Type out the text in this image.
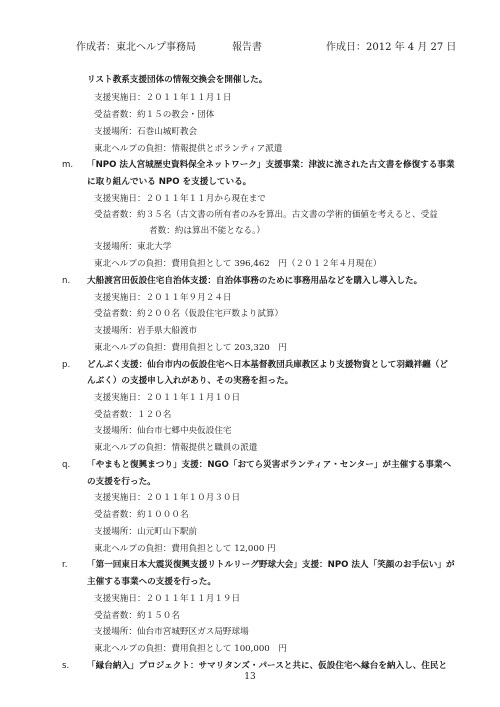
作成者：東北ヘルプ事務局	報告書	作成日：2012 年 4 月 27 日
リスト教系支援団体の情報交換会を開催した。
支援実施日：２０１１年１１月１日
受益者数：約１５の教会・団体
支援場所：石巻山城町教会
東北ヘルプの負担：情報提供とボランティア派遣
m. 「NPO 法人宮城歴史資料保全ネットワーク」支援事業：津波に流された古文書を修復する事業
に取り組んでいる NPO を支援している。
支援実施日：２０１１年１１月から現在まで
受益者数：約３５名（古文書の所有者のみを算出。古文書の学術的価値を考えると、受益
者数：約は算出不能となる。）
支援場所：東北大学
東北ヘルプの負担：費用負担として 396,462　円（２０１２年４月現在）
n. 大船渡宮田仮設住宅自治体支援：自治体事務のために事務用品などを購入し導入した。
支援実施日：２０１１年９月２４日
受益者数：約２００名（仮設住宅戸数より試算）
支援場所：岩手県大船渡市
東北ヘルプの負担：費用負担として 203,320　円
p. どんぶく支援：仙台市内の仮設住宅へ日本基督教団兵庫教区より支援物資として羽織袢纏（ど
んぶく）の支援申し入れがあり、その実務を担った。
支援実施日：２０１１年１１月１０日
受益者数：１２０名
支援場所：仙台市七郷中央仮設住宅
東北ヘルプの負担：情報提供と職員の派遣
q. 「やまもと復興まつり」支援：NGO「おてら災害ボランティア・センター」が主催する事業へ
の支援を行った。
支援実施日：２０１１年１０月３０日
受益者数：約１０００名
支援場所：山元町山下駅前
東北ヘルプの負担：費用負担として 12,000 円
r. 「第一回東日本大震災復興支援リトルリーグ野球大会」支援：NPO 法人「笑顔のお手伝い」が
主催する事業への支援を行った。
支援実施日：２０１１年１１月１９日
受益者数：約１５０名
支援場所：仙台市宮城野区ガス局野球場
東北ヘルプの負担：費用負担として 100,000　円
s. 「縁台納入」プロジェクト：サマリタンズ・パースと共に、仮設住宅へ縁台を納入し、住民と
13
